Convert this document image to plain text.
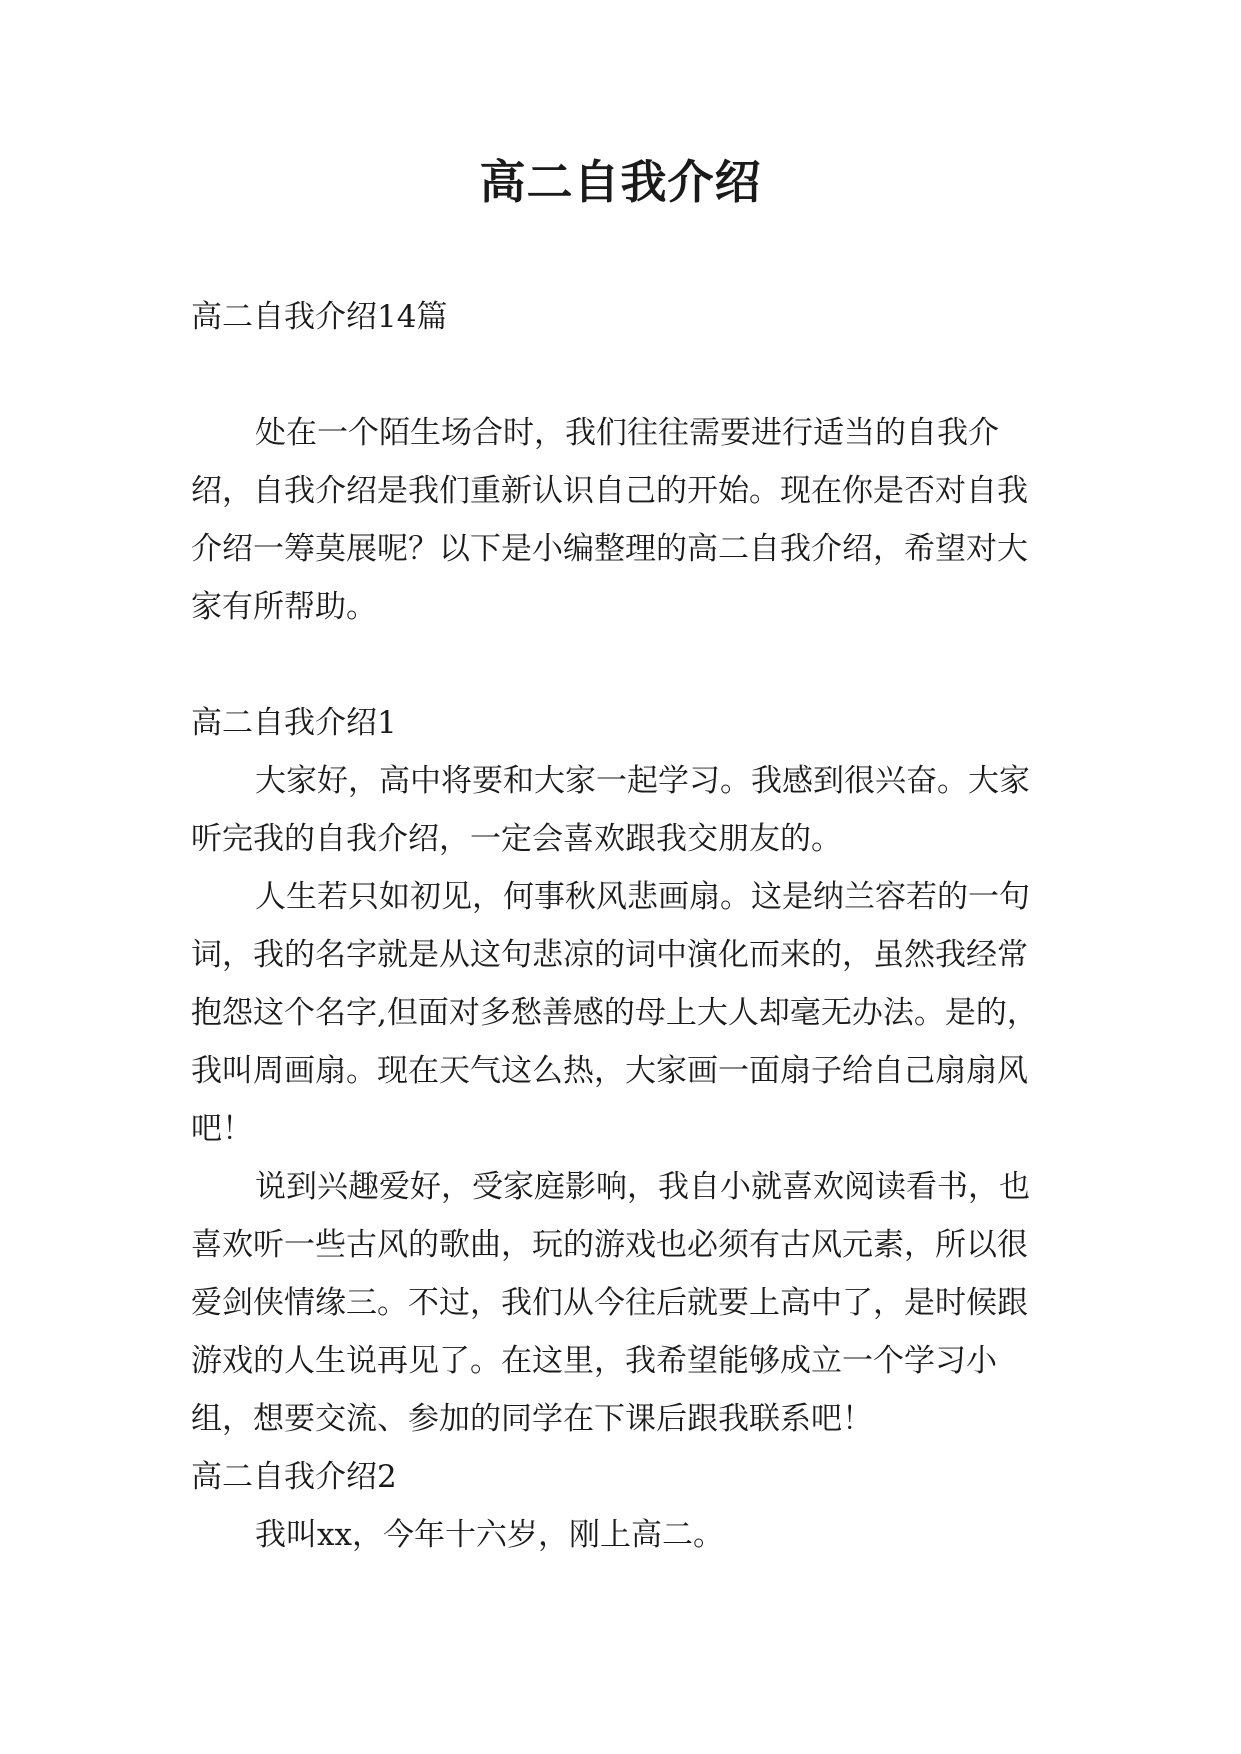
高二自我介绍

高二自我介绍14篇

处在一个陌生场合时，我们往往需要进行适当的自我介绍，自我介绍是我们重新认识自己的开始。现在你是否对自我介绍一筹莫展呢？以下是小编整理的高二自我介绍，希望对大家有所帮助。

高二自我介绍1

大家好，高中将要和大家一起学习。我感到很兴奋。大家听完我的自我介绍，一定会喜欢跟我交朋友的。

人生若只如初见，何事秋风悲画扇。这是纳兰容若的一句词，我的名字就是从这句悲凉的词中演化而来的，虽然我经常抱怨这个名字,但面对多愁善感的母上大人却毫无办法。是的，我叫周画扇。现在天气这么热，大家画一面扇子给自己扇扇风吧！

说到兴趣爱好，受家庭影响，我自小就喜欢阅读看书，也喜欢听一些古风的歌曲，玩的游戏也必须有古风元素，所以很爱剑侠情缘三。不过，我们从今往后就要上高中了，是时候跟游戏的人生说再见了。在这里，我希望能够成立一个学习小组，想要交流、参加的同学在下课后跟我联系吧！

高二自我介绍2

我叫xx，今年十六岁，刚上高二。
